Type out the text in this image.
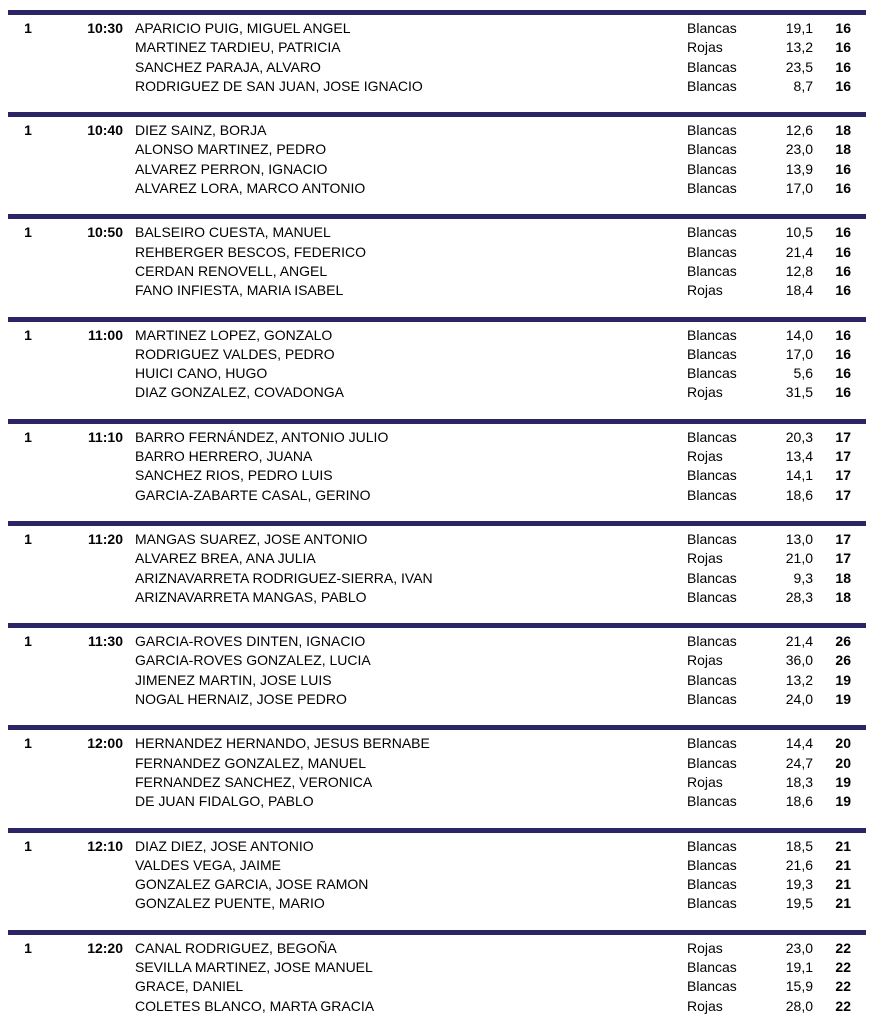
1	10:30 APARICIO PUIG, MIGUEL ANGEL	Blancas	19,1	16
MARTINEZ TARDIEU, PATRICIA	Rojas	13,2	16
SANCHEZ PARAJA, ALVARO	Blancas	23,5	16
RODRIGUEZ DE SAN JUAN, JOSE IGNACIO	Blancas	8,7	16
1	10:40 DIEZ SAINZ, BORJA	Blancas	12,6	18
ALONSO MARTINEZ, PEDRO	Blancas	23,0	18
ALVAREZ PERRON, IGNACIO	Blancas	13,9	16
ALVAREZ LORA, MARCO ANTONIO	Blancas	17,0	16
1	10:50 BALSEIRO CUESTA, MANUEL	Blancas	10,5	16
REHBERGER BESCOS, FEDERICO	Blancas	21,4	16
CERDAN RENOVELL, ANGEL	Blancas	12,8	16
FANO INFIESTA, MARIA ISABEL	Rojas	18,4	16
1	11:00 MARTINEZ LOPEZ, GONZALO	Blancas	14,0	16
RODRIGUEZ VALDES, PEDRO	Blancas	17,0	16
HUICI CANO, HUGO	Blancas	5,6	16
DIAZ GONZALEZ, COVADONGA	Rojas	31,5	16
1	11:10 BARRO FERNÁNDEZ, ANTONIO JULIO	Blancas	20,3	17
BARRO HERRERO, JUANA	Rojas	13,4	17
SANCHEZ RIOS, PEDRO LUIS	Blancas	14,1	17
GARCIA-ZABARTE CASAL, GERINO	Blancas	18,6	17
1	11:20 MANGAS SUAREZ, JOSE ANTONIO	Blancas	13,0	17
ALVAREZ BREA, ANA JULIA	Rojas	21,0	17
ARIZNAVARRETA RODRIGUEZ-SIERRA, IVAN	Blancas	9,3	18
ARIZNAVARRETA MANGAS, PABLO	Blancas	28,3	18
1	11:30 GARCIA-ROVES DINTEN, IGNACIO	Blancas	21,4	26
GARCIA-ROVES GONZALEZ, LUCIA	Rojas	36,0	26
JIMENEZ MARTIN, JOSE LUIS	Blancas	13,2	19
NOGAL HERNAIZ, JOSE PEDRO	Blancas	24,0	19
1	12:00 HERNANDEZ HERNANDO, JESUS BERNABE	Blancas	14,4	20
FERNANDEZ GONZALEZ, MANUEL	Blancas	24,7	20
FERNANDEZ SANCHEZ, VERONICA	Rojas	18,3	19
DE JUAN FIDALGO, PABLO	Blancas	18,6	19
1	12:10 DIAZ DIEZ, JOSE ANTONIO	Blancas	18,5	21
VALDES VEGA, JAIME	Blancas	21,6	21
GONZALEZ GARCIA, JOSE RAMON	Blancas	19,3	21
GONZALEZ PUENTE, MARIO	Blancas	19,5	21
1	12:20 CANAL RODRIGUEZ, BEGOÑA	Rojas	23,0	22
SEVILLA MARTINEZ, JOSE MANUEL	Blancas	19,1	22
GRACE, DANIEL	Blancas	15,9	22
COLETES BLANCO, MARTA GRACIA	Rojas	28,0	22
